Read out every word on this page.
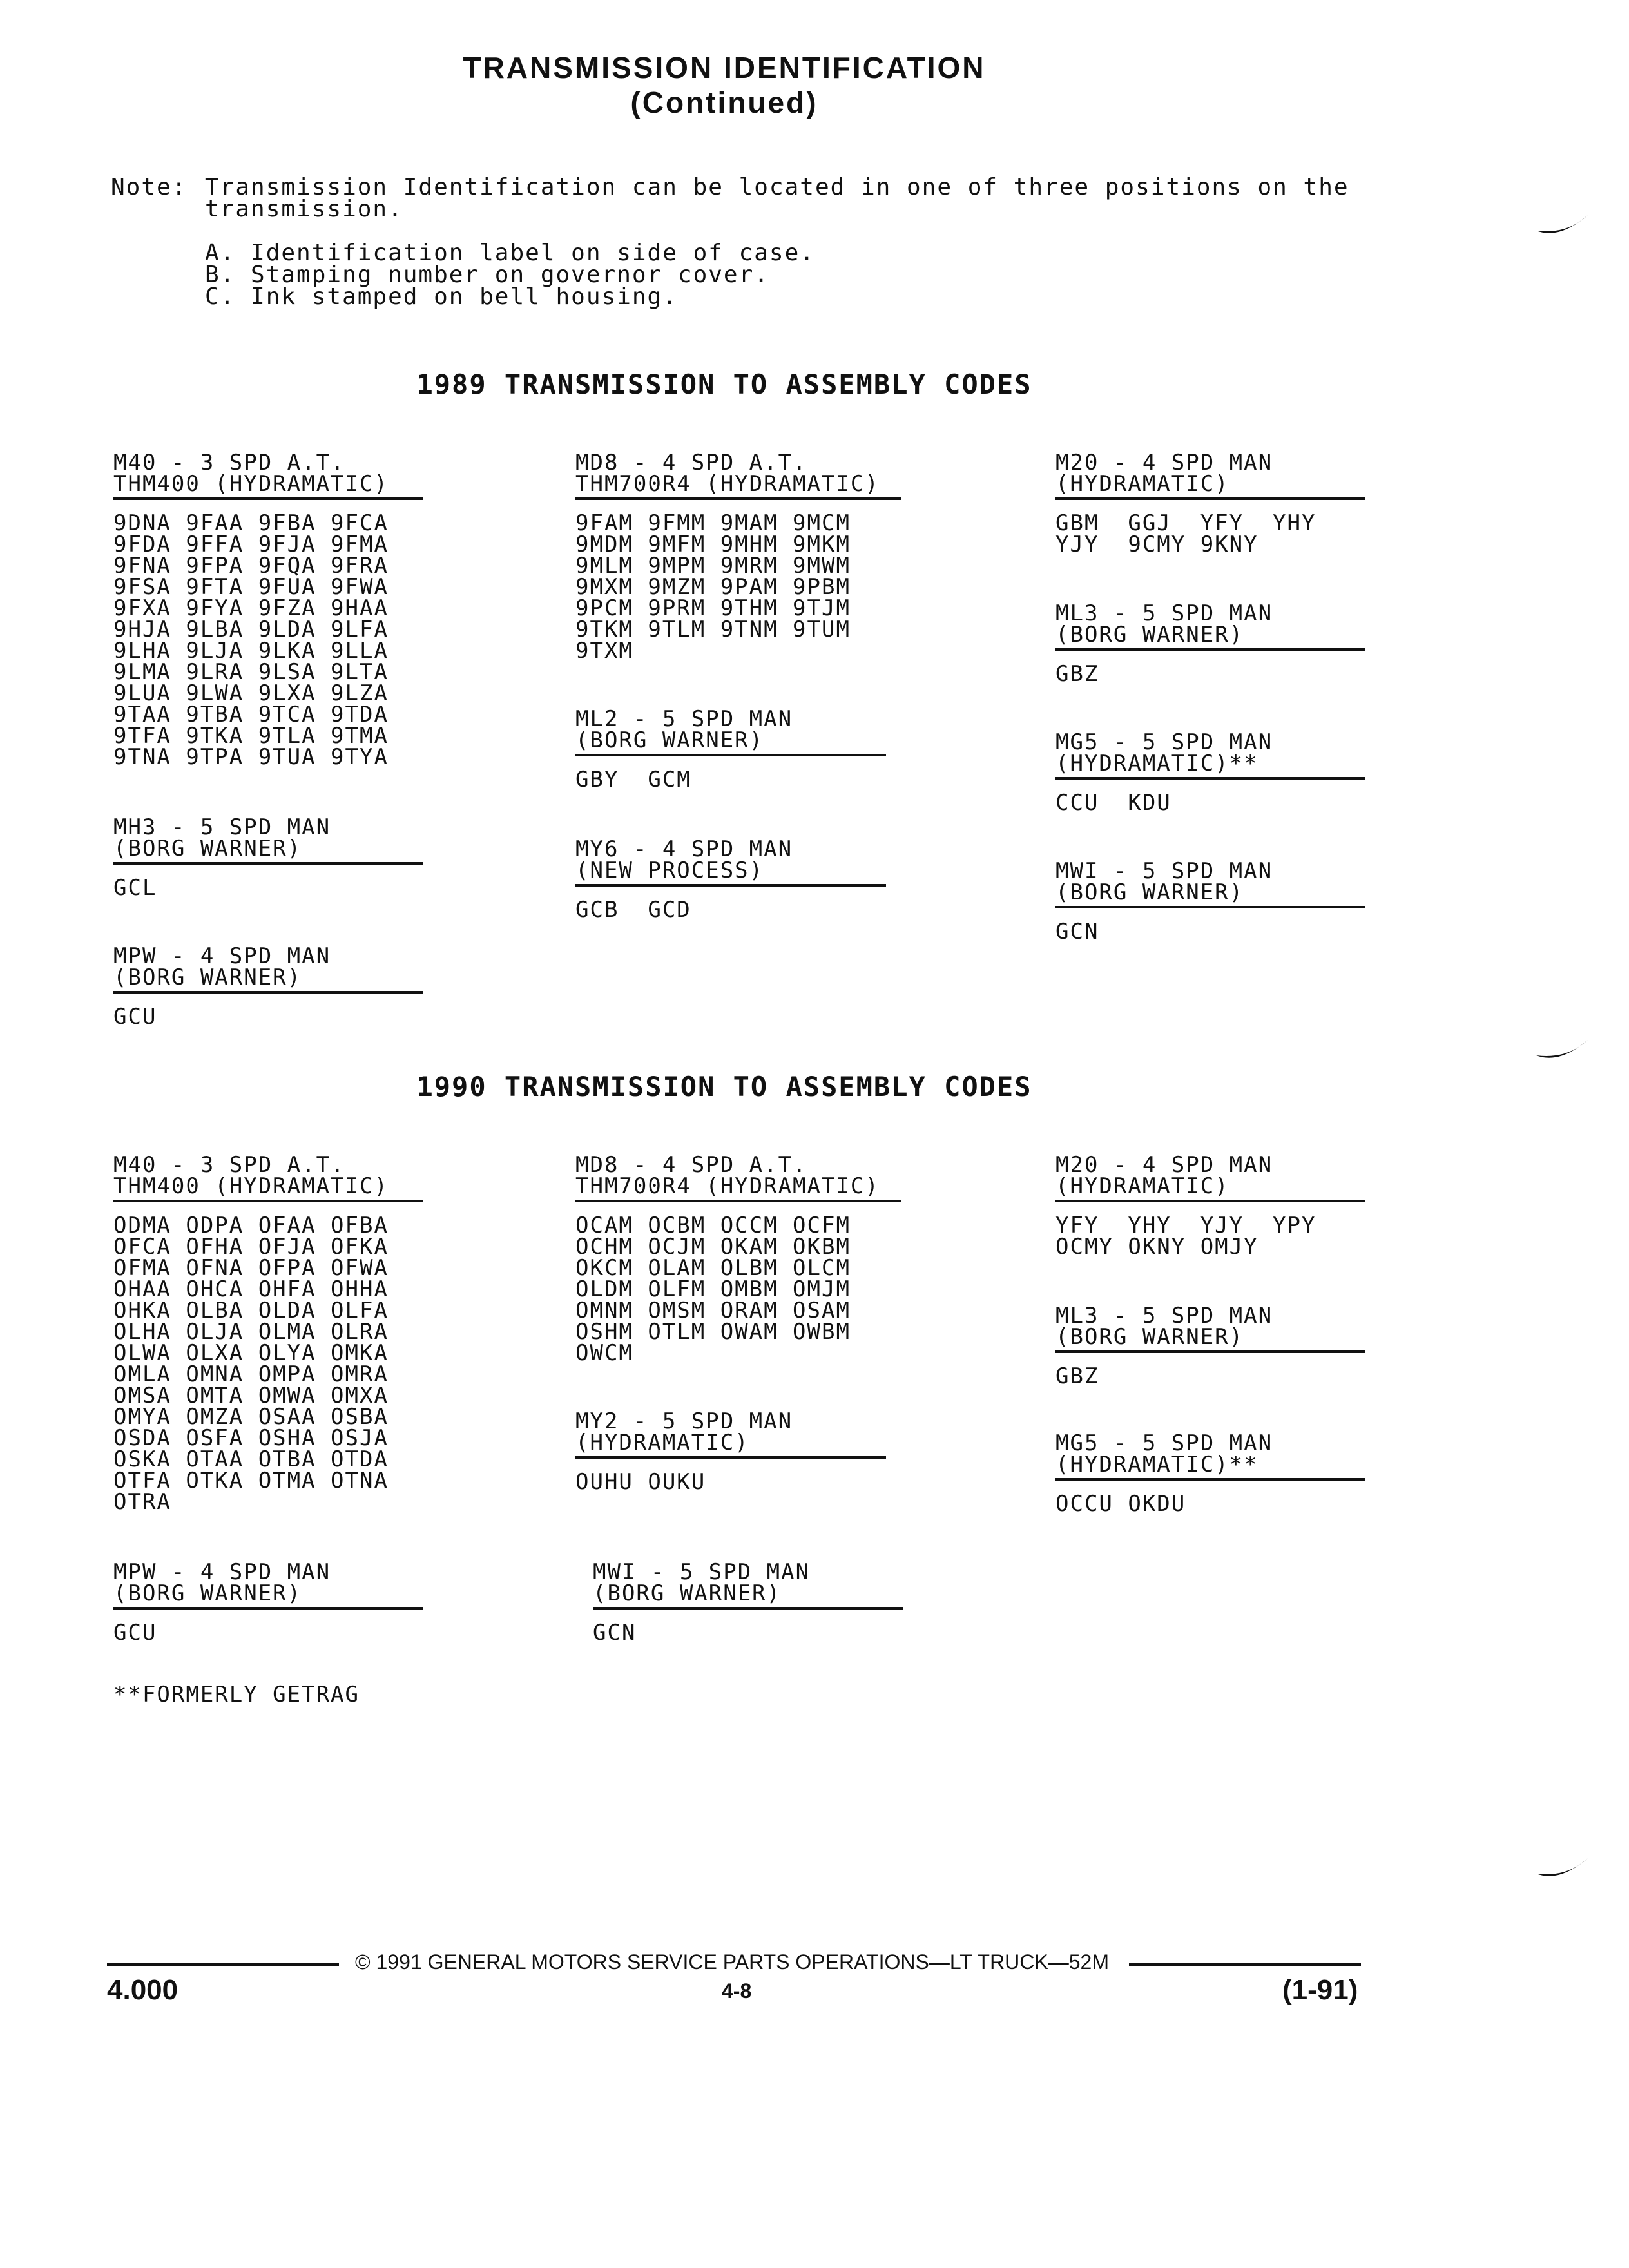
TRANSMISSION IDENTIFICATION
(Continued)
Note: Transmission Identification can be located in one of three positions on the transmission.
A. Identification label on side of case.
B. Stamping number on governor cover.
C. Ink stamped on bell housing.
1989 TRANSMISSION TO ASSEMBLY CODES
M40 - 3 SPD A.T.
THM400 (HYDRAMATIC)
9DNA 9FAA 9FBA 9FCA
9FDA 9FFA 9FJA 9FMA
9FNA 9FPA 9FQA 9FRA
9FSA 9FTA 9FUA 9FWA
9FXA 9FYA 9FZA 9HAA
9HJA 9LBA 9LDA 9LFA
9LHA 9LJA 9LKA 9LLA
9LMA 9LRA 9LSA 9LTA
9LUA 9LWA 9LXA 9LZA
9TAA 9TBA 9TCA 9TDA
9TFA 9TKA 9TLA 9TMA
9TNA 9TPA 9TUA 9TYA
MH3 - 5 SPD MAN
(BORG WARNER)
GCL
MPW - 4 SPD MAN
(BORG WARNER)
GCU
MD8 - 4 SPD A.T.
THM700R4 (HYDRAMATIC)
9FAM 9FMM 9MAM 9MCM
9MDM 9MFM 9MHM 9MKM
9MLM 9MPM 9MRM 9MWM
9MXM 9MZM 9PAM 9PBM
9PCM 9PRM 9THM 9TJM
9TKM 9TLM 9TNM 9TUM
9TXM
ML2 - 5 SPD MAN
(BORG WARNER)
GBY  GCM
MY6 - 4 SPD MAN
(NEW PROCESS)
GCB  GCD
M20 - 4 SPD MAN
(HYDRAMATIC)
GBM  GGJ  YFY  YHY
YJY  9CMY 9KNY
ML3 - 5 SPD MAN
(BORG WARNER)
GBZ
MG5 - 5 SPD MAN
(HYDRAMATIC)**
CCU  KDU
MWI - 5 SPD MAN
(BORG WARNER)
GCN
1990 TRANSMISSION TO ASSEMBLY CODES
M40 - 3 SPD A.T.
THM400 (HYDRAMATIC)
ODMA ODPA OFAA OFBA
OFCA OFHA OFJA OFKA
OFMA OFNA OFPA OFWA
OHAA OHCA OHFA OHHA
OHKA OLBA OLDA OLFA
OLHA OLJA OLMA OLRA
OLWA OLXA OLYA OMKA
OMLA OMNA OMPA OMRA
OMSA OMTA OMWA OMXA
OMYA OMZA OSAA OSBA
OSDA OSFA OSHA OSJA
OSKA OTAA OTBA OTDA
OTFA OTKA OTMA OTNA
OTRA
MPW - 4 SPD MAN
(BORG WARNER)
GCU
MD8 - 4 SPD A.T.
THM700R4 (HYDRAMATIC)
OCAM OCBM OCCM OCFM
OCHM OCJM OKAM OKBM
OKCM OLAM OLBM OLCM
OLDM OLFM OMBM OMJM
OMNM OMSM ORAM OSAM
OSHM OTLM OWAM OWBM
OWCM
MY2 - 5 SPD MAN
(HYDRAMATIC)
OUHU OUKU
MWI - 5 SPD MAN
(BORG WARNER)
GCN
M20 - 4 SPD MAN
(HYDRAMATIC)
YFY  YHY  YJY  YPY
OCMY OKNY OMJY
ML3 - 5 SPD MAN
(BORG WARNER)
GBZ
MG5 - 5 SPD MAN
(HYDRAMATIC)**
OCCU OKDU
**FORMERLY GETRAG
© 1991 GENERAL MOTORS SERVICE PARTS OPERATIONS—LT TRUCK—52M
4.000	4-8	(1-91)
